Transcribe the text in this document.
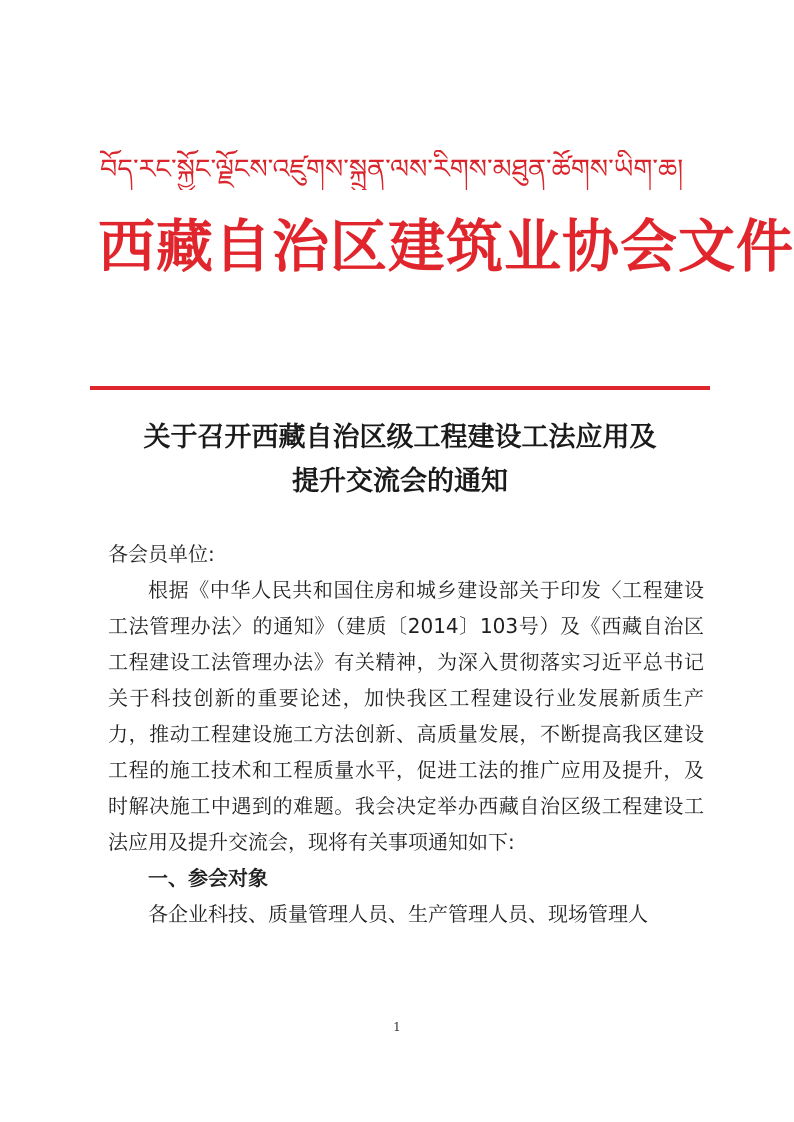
བོད་རང་སྐྱོང་ལྗོངས་འཛུགས་སྐྲུན་ལས་རིགས་མཐུན་ཚོགས་ཡིག་ཆ།
西藏自治区建筑业协会文件
关于召开西藏自治区级工程建设工法应用及
提升交流会的通知
各会员单位:
根据《中华人民共和国住房和城乡建设部关于印发〈工程建设工法管理办法〉的通知》（建质〔2014〕103号）及《西藏自治区工程建设工法管理办法》有关精神，为深入贯彻落实习近平总书记关于科技创新的重要论述，加快我区工程建设行业发展新质生产力，推动工程建设施工方法创新、高质量发展，不断提高我区建设工程的施工技术和工程质量水平，促进工法的推广应用及提升，及时解决施工中遇到的难题。我会决定举办西藏自治区级工程建设工法应用及提升交流会，现将有关事项通知如下:
一、参会对象
各企业科技、质量管理人员、生产管理人员、现场管理人
1
